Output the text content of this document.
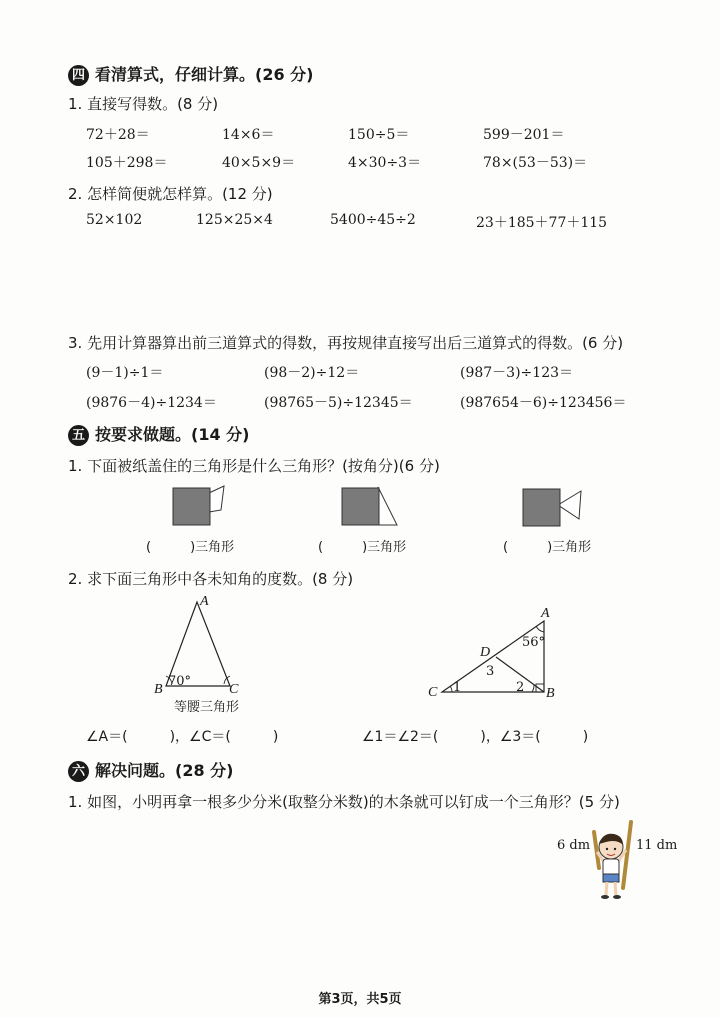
四 看清算式，仔细计算。(26 分)
1. 直接写得数。(8 分)
72＋28＝	14×6＝	150÷5＝	599－201＝
105＋298＝	40×5×9＝	4×30÷3＝	78×(53－53)＝
2. 怎样简便就怎样算。(12 分)
52×102	125×25×4	5400÷45÷2	23＋185＋77＋115
3. 先用计算器算出前三道算式的得数，再按规律直接写出后三道算式的得数。(6 分)
(9－1)÷1＝	(98－2)÷12＝	(987－3)÷123＝
(9876－4)÷1234＝	(98765－5)÷12345＝	(987654－6)÷123456＝
五 按要求做题。(14 分)
1. 下面被纸盖住的三角形是什么三角形？(按角分)(6 分)
(　　　)三角形	(　　　)三角形	(　　　)三角形
2. 求下面三角形中各未知角的度数。(8 分)
A
B	C
70°
等腰三角形
A
B
C
D
56°
1	2
3
∠A＝(　　　)，∠C＝(　　　)	∠1＝∠2＝(　　　)，∠3＝(　　　)
六 解决问题。(28 分)
1. 如图，小明再拿一根多少分米(取整分米数)的木条就可以钉成一个三角形？(5 分)
6 dm	11 dm
第3页，共5页
